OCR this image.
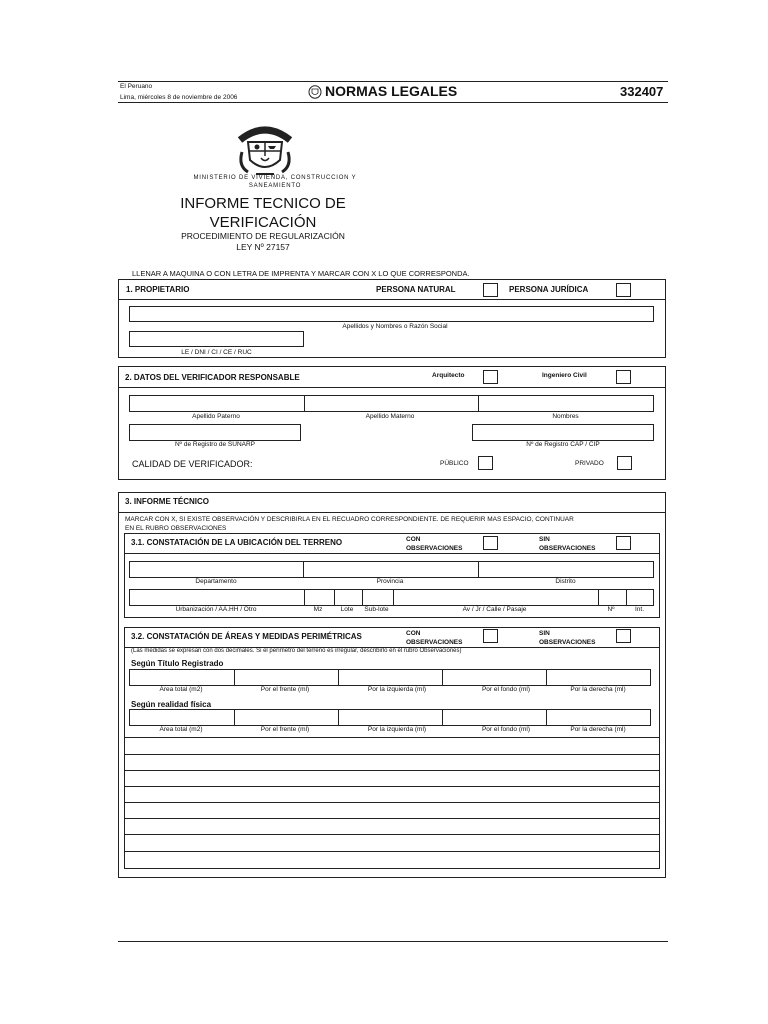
El Peruano
Lima, miércoles 8 de noviembre de 2006	NORMAS LEGALES	332407
MINISTERIO DE VIVIENDA, CONSTRUCCION Y SANEAMIENTO
INFORME TECNICO DE
VERIFICACIÓN
PROCEDIMIENTO DE REGULARIZACIÓN
LEY Nº 27157
LLENAR A MAQUINA O CON LETRA DE IMPRENTA Y MARCAR CON X LO QUE CORRESPONDA.
1. PROPIETARIO	PERSONA NATURAL	PERSONA JURÍDICA
Apellidos y Nombres o Razón Social
LE / DNI / CI / CE / RUC
2. DATOS DEL VERIFICADOR RESPONSABLE	Arquitecto	Ingeniero Civil
Apellido Paterno	Apellido Materno	Nombres
Nº de Registro de SUNARP	Nº de Registro CAP / CIP
CALIDAD DE VERIFICADOR:	PÚBLICO	PRIVADO
3. INFORME TÉCNICO
MARCAR CON X, SI EXISTE OBSERVACIÓN Y DESCRIBIRLA EN EL RECUADRO CORRESPONDIENTE. DE REQUERIR MAS ESPACIO, CONTINUAR
EN EL RUBRO OBSERVACIONES
3.1. CONSTATACIÓN DE LA UBICACIÓN DEL TERRENO	CON
OBSERVACIONES
SIN
OBSERVACIONES
Departamento	Provincia	Distrito
Urbanización / AA.HH / Otro	Mz	Lote	Sub-lote	Av / Jr / Calle / Pasaje	Nº	Int.
3.2. CONSTATACIÓN DE ÁREAS Y MEDIDAS PERIMÉTRICAS	CON
OBSERVACIONES
SIN
OBSERVACIONES
(Las medidas se expresan con dos decimales. Si el perímetro del terreno es irregular, describirlo en el rubro Observaciones)
Según Título Registrado
Área total (m2)	Por el frente (ml)	Por la izquierda (ml)	Por el fondo (ml)	Por la derecha (ml)
Según realidad física
Área total (m2)	Por el frente (ml)	Por la izquierda (ml)	Por el fondo (ml)	Por la derecha (ml)
